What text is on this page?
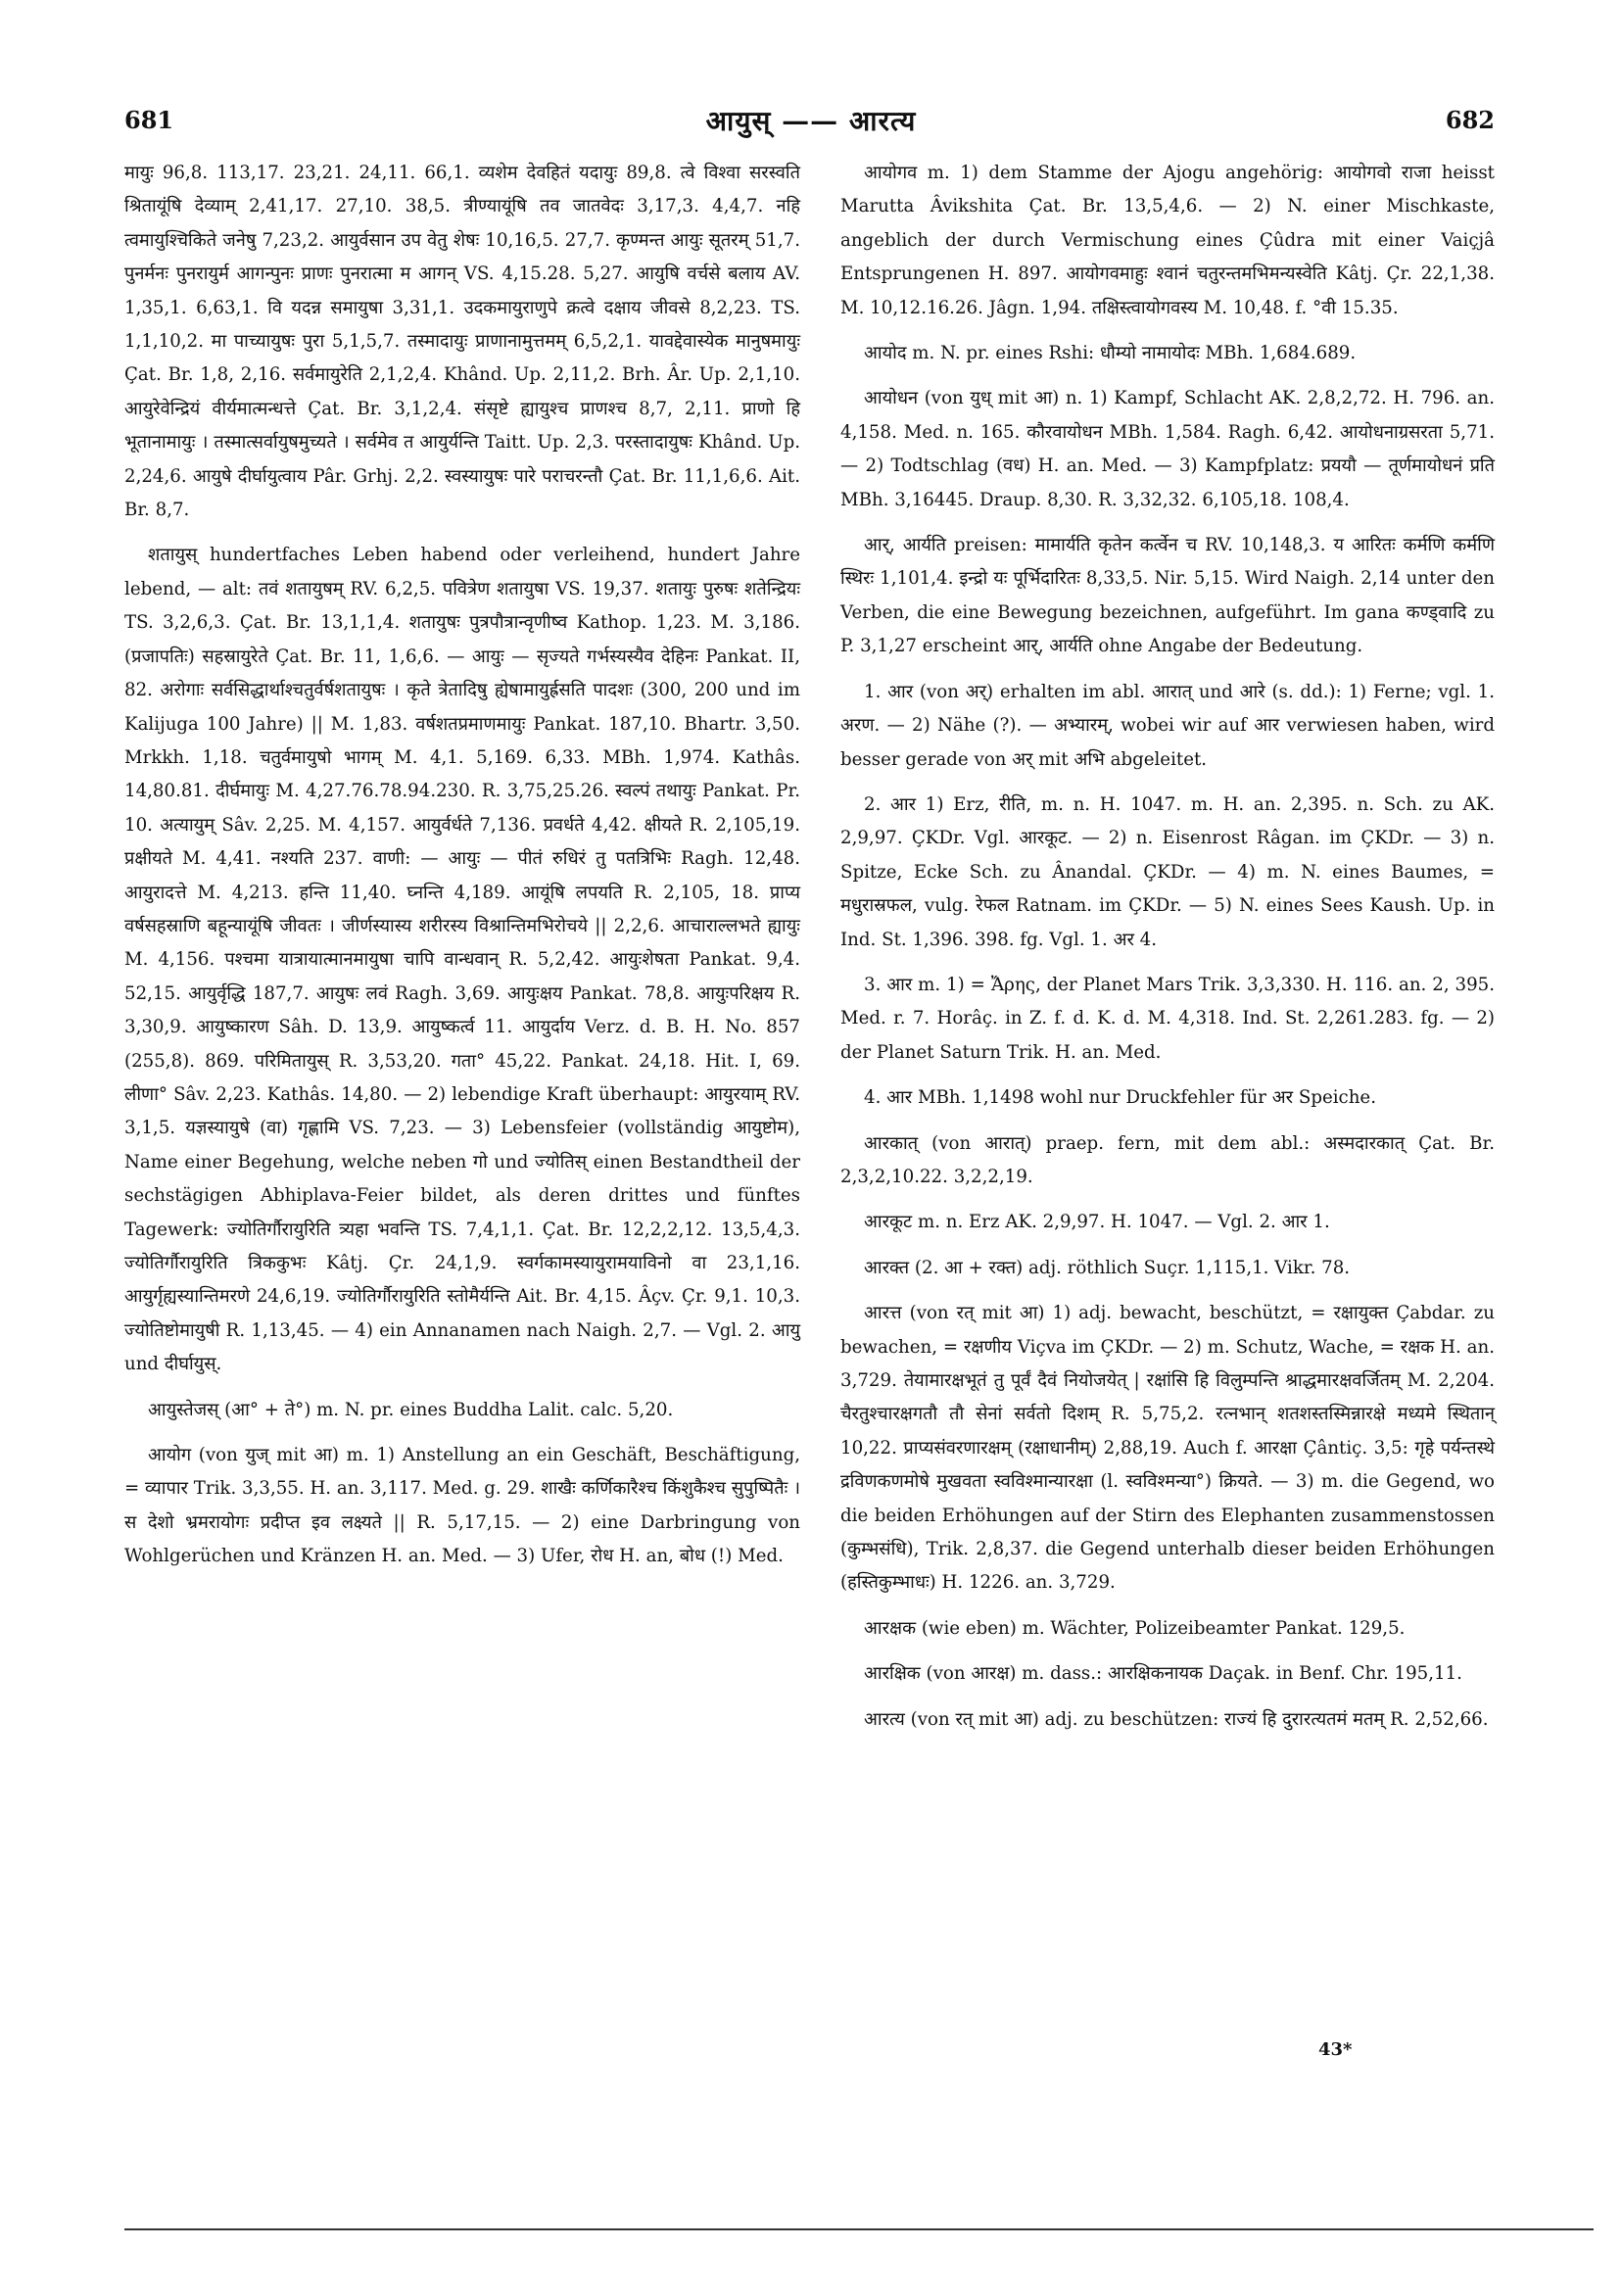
681	आयुस् —— आरत्य	682

मायुः 96,8. 113,17. 23,21. 24,11. 66,1. व्यशेम देवहितं यदायुः 89,8. त्वे विश्वा सरस्वति श्रितायूंषि देव्याम् 2,41,17. 27,10. 38,5. त्रीण्यायूंषि तव जातवेदः 3,17,3. 4,4,7. नहि त्वमायुश्चिकिते जनेषु 7,23,2. आयुर्वसान उप वेतु शेषः 10,16,5. 27,7. कृण्मन्त आयुः सूतरम् 51,7. पुनर्मनः पुनरायुर्म आगन्पुनः प्राणः पुनरात्मा म आगन् VS. 4,15.28. 5,27. आयुषि वर्चसे बलाय AV. 1,35,1. 6,63,1. वि यदन्न समायुषा 3,31,1. उदकमायुराणुपे क्रत्वे दक्षाय जीवसे 8,2,23. TS. 1,1,10,2. मा पाच्यायुषः पुरा 5,1,5,7. तस्मादायुः प्राणानामुत्तमम् 6,5,2,1. यावद्देवास्येक मानुषमायुः Çat. Br. 1,8, 2,16. सर्वमायुरेति 2,1,2,4. Khând. Up. 2,11,2. Brh. Âr. Up. 2,1,10. आयुरेवेन्द्रियं वीर्यमात्मन्धत्ते Çat. Br. 3,1,2,4. संसृष्टे ह्यायुश्च प्राणश्च 8,7, 2,11. प्राणो हि भूतानामायुः । तस्मात्सर्वायुषमुच्यते । सर्वमेव त आयुर्यन्ति Taitt. Up. 2,3. परस्तादायुषः Khând. Up. 2,24,6. आयुषे दीर्घायुत्वाय Pâr. Grhj. 2,2. स्वस्यायुषः पारे पराचरन्तौ Çat. Br. 11,1,6,6. Ait. Br. 8,7.

शतायुस् hundertfaches Leben habend oder verleihend, hundert Jahre lebend, — alt: तवं शतायुषम् RV. 6,2,5. पवित्रेण शतायुषा VS. 19,37. शतायुः पुरुषः शतेन्द्रियः TS. 3,2,6,3. Çat. Br. 13,1,1,4. शतायुषः पुत्रपौत्रान्वृणीष्व Kathop. 1,23. M. 3,186. (प्रजापतिः) सहस्रायुरेते Çat. Br. 11, 1,6,6. — आयुः — सृज्यते गर्भस्यस्यैव देहिनः Pankat. II, 82. अरोगाः सर्वसिद्धार्थाश्चतुर्वर्षशतायुषः । कृते त्रेतादिषु ह्येषामायुर्ह्रसति पादशः (300, 200 und im Kalijuga 100 Jahre) || M. 1,83. वर्षशतप्रमाणमायुः Pankat. 187,10. Bhartr. 3,50. Mrkkh. 1,18. चतुर्वमायुषो भागम् M. 4,1. 5,169. 6,33. MBh. 1,974. Kathâs. 14,80.81. दीर्घमायुः M. 4,27.76.78.94.230. R. 3,75,25.26. स्वल्पं तथायुः Pankat. Pr. 10. अत्यायुम् Sâv. 2,25. M. 4,157. आयुर्वर्धते 7,136. प्रवर्धते 4,42. क्षीयते R. 2,105,19. प्रक्षीयते M. 4,41. नश्यति 237. वाणी: — आयुः — पीतं रुधिरं तु पतत्रिभिः Ragh. 12,48. आयुरादत्ते M. 4,213. हन्ति 11,40. घ्नन्ति 4,189. आयूंषि लपयति R. 2,105, 18. प्राप्य वर्षसहस्राणि बहून्यायूंषि जीवतः । जीर्णस्यास्य शरीरस्य विश्रान्तिमभिरोचये || 2,2,6. आचाराल्लभते ह्यायुः M. 4,156. पश्चमा यात्रायात्मानमायुषा चापि वान्धवान् R. 5,2,42. आयुःशेषता Pankat. 9,4. 52,15. आयुर्वृद्धि 187,7. आयुषः लवं Ragh. 3,69. आयुःक्षय Pankat. 78,8. आयुःपरिक्षय R. 3,30,9. आयुष्कारण Sâh. D. 13,9. आयुष्कर्त्व 11. आयुर्दाय Verz. d. B. H. No. 857 (255,8). 869. परिमितायुस् R. 3,53,20. गता° 45,22. Pankat. 24,18. Hit. I, 69. लीणा° Sâv. 2,23. Kathâs. 14,80. — 2) lebendige Kraft überhaupt: आयुरयाम् RV. 3,1,5. यज्ञस्यायुषे (वा) गृह्णामि VS. 7,23. — 3) Lebensfeier (vollständig आयुष्टोम), Name einer Begehung, welche neben गो und ज्योतिस् einen Bestandtheil der sechstägigen Abhiplava-Feier bildet, als deren drittes und fünftes Tagewerk: ज्योतिर्गौरायुरिति त्र्यहा भवन्ति TS. 7,4,1,1. Çat. Br. 12,2,2,12. 13,5,4,3. ज्योतिर्गौरायुरिति त्रिककुभः Kâtj. Çr. 24,1,9. स्वर्गकामस्यायुरामयाविनो वा 23,1,16. आयुर्गृह्यस्यान्तिमरणे 24,6,19. ज्योतिर्गौरायुरिति स्तोमैर्यन्ति Ait. Br. 4,15. Âçv. Çr. 9,1. 10,3. ज्योतिष्टोमायुषी R. 1,13,45. — 4) ein Annanamen nach Naigh. 2,7. — Vgl. 2. आयु und दीर्घायुस्.

आयुस्तेजस् (आ° + ते°) m. N. pr. eines Buddha Lalit. calc. 5,20.

आयोग (von युज् mit आ) m. 1) Anstellung an ein Geschäft, Beschäftigung, = व्यापार Trik. 3,3,55. H. an. 3,117. Med. g. 29. शाखैः कर्णिकारैश्च किंशुकैश्च सुपुष्पितैः । स देशो भ्रमरायोगः प्रदीप्त इव लक्ष्यते || R. 5,17,15. — 2) eine Darbringung von Wohlgerüchen und Kränzen H. an. Med. — 3) Ufer, रोध H. an, बोध (!) Med.

आयोगव m. 1) dem Stamme der Ajogu angehörig: आयोगवो राजा heisst Marutta Âvikshita Çat. Br. 13,5,4,6. — 2) N. einer Mischkaste, angeblich der durch Vermischung eines Çûdra mit einer Vaiçjâ Entsprungenen H. 897. आयोगवमाहुः श्वानं चतुरन्तमभिमन्यस्वेति Kâtj. Çr. 22,1,38. M. 10,12.16.26. Jâgn. 1,94. तक्षिस्त्वायोगवस्य M. 10,48. f. °वी 15.35.

आयोद m. N. pr. eines Rshi: धौम्यो नामायोदः MBh. 1,684.689.

आयोधन (von युध् mit आ) n. 1) Kampf, Schlacht AK. 2,8,2,72. H. 796. an. 4,158. Med. n. 165. कौरवायोधन MBh. 1,584. Ragh. 6,42. आयोधनाग्रसरता 5,71. — 2) Todtschlag (वध) H. an. Med. — 3) Kampfplatz: प्रययौ — तूर्णमायोधनं प्रति MBh. 3,16445. Draup. 8,30. R. 3,32,32. 6,105,18. 108,4.

आर्, आर्यति preisen: मामार्यति कृतेन कर्त्वेन च RV. 10,148,3. य आरितः कर्मणि कर्मणि स्थिरः 1,101,4. इन्द्रो यः पूर्भिदारितः 8,33,5. Nir. 5,15. Wird Naigh. 2,14 unter den Verben, die eine Bewegung bezeichnen, aufgeführt. Im gana कण्ड्वादि zu P. 3,1,27 erscheint आर्, आर्यति ohne Angabe der Bedeutung.

1. आर (von अर्) erhalten im abl. आरात् und आरे (s. dd.): 1) Ferne; vgl. 1. अरण. — 2) Nähe (?). — अभ्यारम्, wobei wir auf आर verwiesen haben, wird besser gerade von अर् mit अभि abgeleitet.

2. आर 1) Erz, रीति, m. n. H. 1047. m. H. an. 2,395. n. Sch. zu AK. 2,9,97. ÇKDr. Vgl. आरकूट. — 2) n. Eisenrost Râgan. im ÇKDr. — 3) n. Spitze, Ecke Sch. zu Ânandal. ÇKDr. — 4) m. N. eines Baumes, = मधुरास्रफल, vulg. रेफल Ratnam. im ÇKDr. — 5) N. eines Sees Kaush. Up. in Ind. St. 1,396. 398. fg. Vgl. 1. अर 4.

3. आर m. 1) = Ἄρης, der Planet Mars Trik. 3,3,330. H. 116. an. 2, 395. Med. r. 7. Horâç. in Z. f. d. K. d. M. 4,318. Ind. St. 2,261.283. fg. — 2) der Planet Saturn Trik. H. an. Med.

4. आर MBh. 1,1498 wohl nur Druckfehler für अर Speiche.

आरकात् (von आरात्) praep. fern, mit dem abl.: अस्मदारकात् Çat. Br. 2,3,2,10.22. 3,2,2,19.

आरकूट m. n. Erz AK. 2,9,97. H. 1047. — Vgl. 2. आर 1.

आरक्त (2. आ + रक्त) adj. röthlich Suçr. 1,115,1. Vikr. 78.

आरत्त (von रत् mit आ) 1) adj. bewacht, beschützt, = रक्षायुक्त Çabdar. zu bewachen, = रक्षणीय Viçva im ÇKDr. — 2) m. Schutz, Wache, = रक्षक H. an. 3,729. तेयामारक्षभूतं तु पूर्वं दैवं नियोजयेत् | रक्षांसि हि विलुम्पन्ति श्राद्धमारक्षवर्जितम् M. 2,204. चैरतुश्चारक्षगतौ तौ सेनां सर्वतो दिशम् R. 5,75,2. रत्नभान् शतशस्तस्मिन्नारक्षे मध्यमे स्थितान् 10,22. प्राप्यसंवरणारक्षम् (रक्षाधानीम्) 2,88,19. Auch f. आरक्षा Çântiç. 3,5: गृहे पर्यन्तस्थे द्रविणकणमोषे मुखवता स्वविश्मान्यारक्षा (l. स्वविश्मन्या°) क्रियते. — 3) m. die Gegend, wo die beiden Erhöhungen auf der Stirn des Elephanten zusammenstossen (कुम्भसंधि), Trik. 2,8,37. die Gegend unterhalb dieser beiden Erhöhungen (हस्तिकुम्भाधः) H. 1226. an. 3,729.

आरक्षक (wie eben) m. Wächter, Polizeibeamter Pankat. 129,5.

आरक्षिक (von आरक्ष) m. dass.: आरक्षिकनायक Daçak. in Benf. Chr. 195,11.

आरत्य (von रत् mit आ) adj. zu beschützen: राज्यं हि दुरारत्यतमं मतम् R. 2,52,66.

43*
